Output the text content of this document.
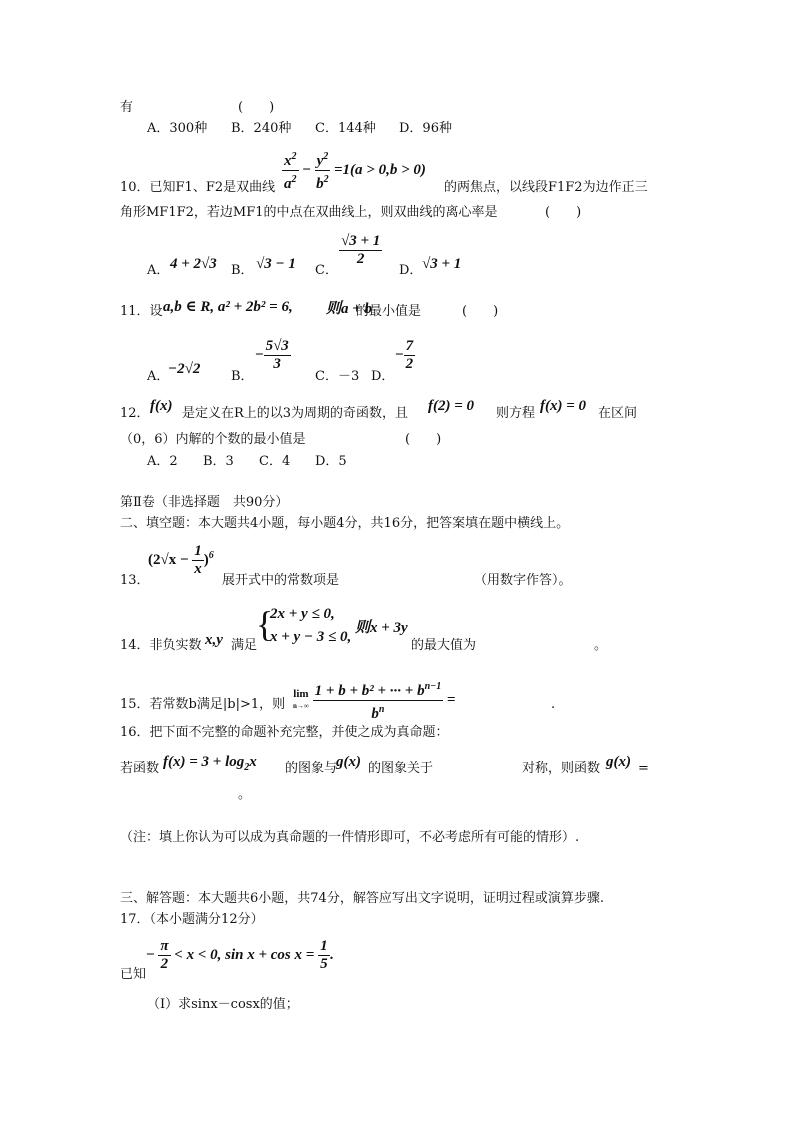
有	(　　)
A．300种 B．240种 C．144种 D．96种
10．已知F1、F2是双曲线 $\frac{x^2}{a^2} - \frac{y^2}{b^2} =1(a > 0,b > 0)$
的两焦点，以线段F1F2为边作正三
角形MF1F2，若边MF1的中点在双曲线上，则双曲线的离心率是	(　　)
A． 4 + 2√3 B． √3 − 1 C．
$\frac{√3 + 1}{2}$
D． √3 + 1
11．设 a,b ∈ R, a² + 2b² = 6, 则a + b
的最小值是	(　　)
A．
−2√2 B．
− $\frac{5√3}{3}$
C．－3 D．
− $\frac{7}{2}$
12． f(x) 是定义在R上的以3为周期的奇函数，且 f(2) = 0 则方程 f(x) = 0 在区间
（0，6）内解的个数的最小值是	(　　)
A．2 B．3 C．4 D．5
第Ⅱ卷（非选择题　共90分）
二、填空题：本大题共4小题，每小题4分，共16分，把答案填在题中横线上。
13．
$(2√x - \frac{1}{x} )^6$
展开式中的常数项是	（用数字作答）。
14．非负实数 x,y 满足
{
2x + y ≤ 0,
x + y − 3 ≤ 0,
则x + 3y
的最大值为	。
15．若常数b满足|b|>1，则
lim
$n\to\infty \frac{1 + b + b^2 + \cdot\cdot\cdot + b^{n-1}}{b^n}$ =	.
16．把下面不完整的命题补充完整，并使之成为真命题：
若函数 $f(x) = 3 + \log_2x$ 的图象与
g(x) 的图象关于	对称，则函数 g(x) =
。
（注：填上你认为可以成为真命题的一件情形即可，不必考虑所有可能的情形）.
三、解答题：本大题共6小题，共74分，解答应写出文字说明，证明过程或演算步骤.
17．（本小题满分12分）
已知
− $\frac{\pi}{2} < x < 0$, $\sin x + \cos x = \frac{1}{5}$ .
（I）求sinx－cosx的值；
